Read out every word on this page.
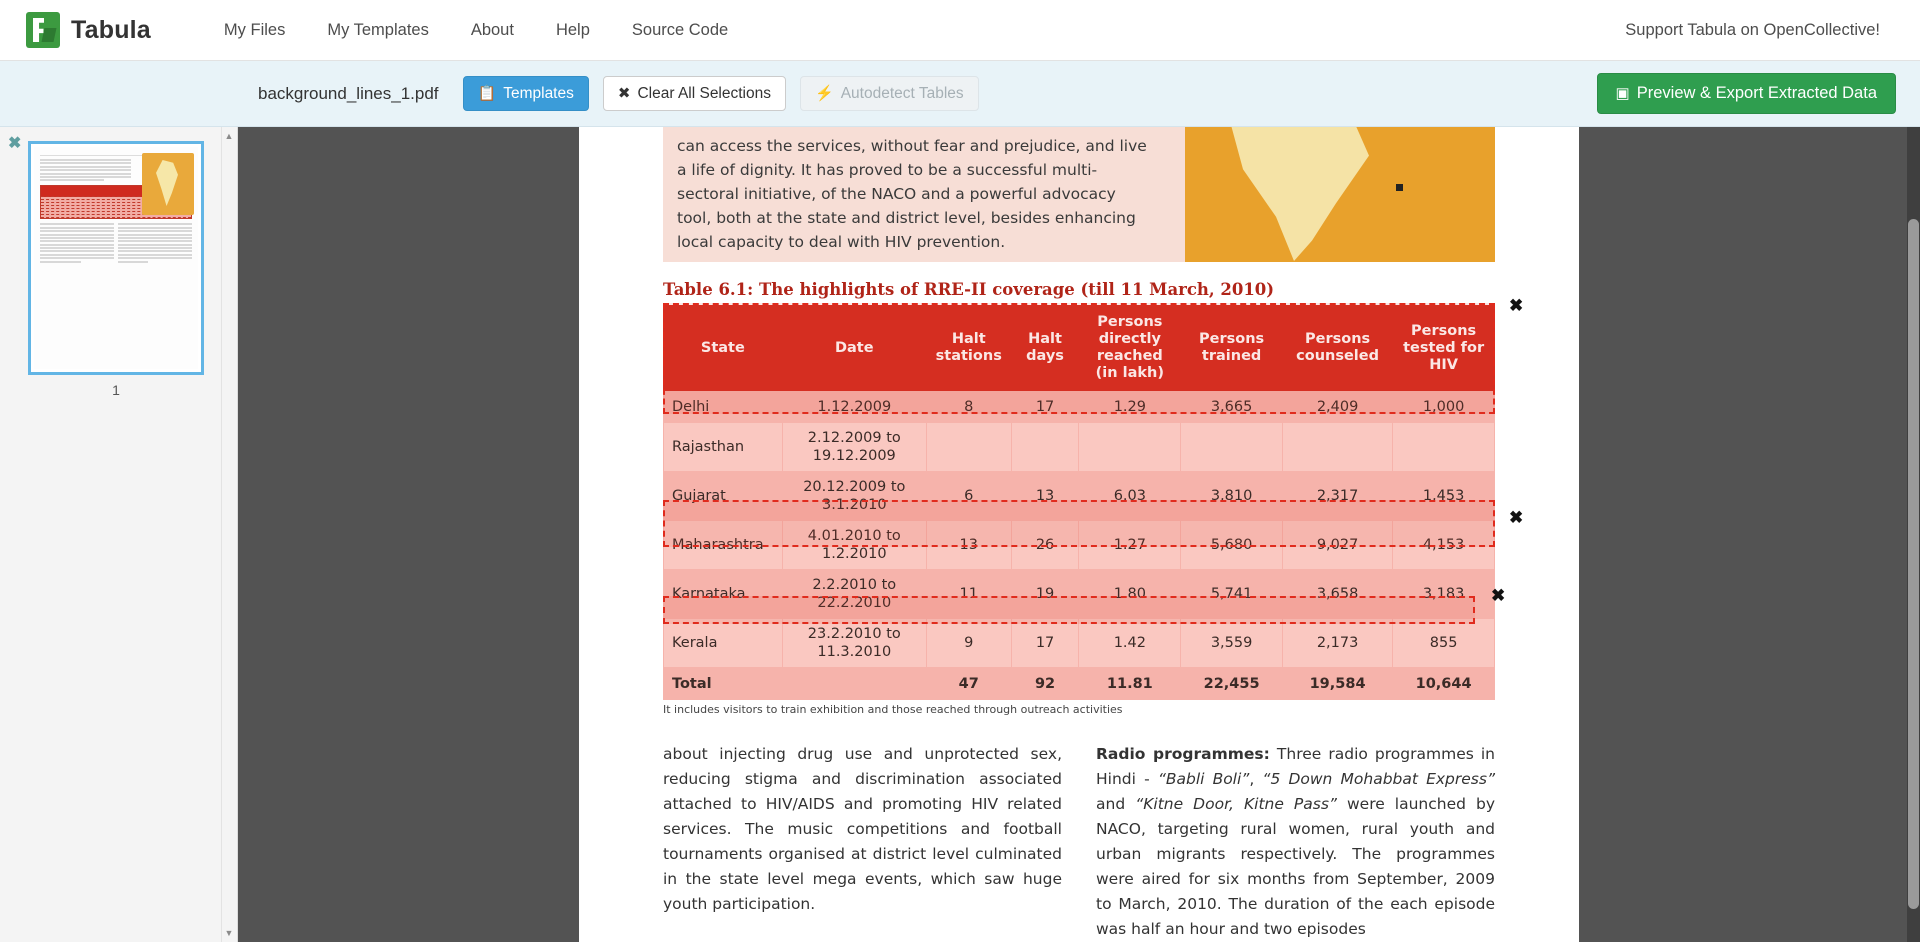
Tabula	My Files	My Templates	About	Help	Source Code	Support Tabula on OpenCollective!
background_lines_1.pdf	📋 Templates	✖ Clear All Selections	⚡ Autodetect Tables	▣ Preview & Export Extracted Data
✖
1
▲
▼
can access the services, without fear and prejudice, and live a life of dignity. It has proved to be a successful multi-sectoral initiative, of the NACO and a powerful advocacy tool, both at the state and district level, besides enhancing local capacity to deal with HIV prevention.
Table 6.1: The highlights of RRE-II coverage (till 11 March, 2010)
State	Date	Halt stations	Halt days	Persons directly reached (in lakh)	Persons trained	Persons counseled	Persons tested for HIV
Delhi	1.12.2009	8	17	1.29	3,665	2,409	1,000
Rajasthan	2.12.2009 to 19.12.2009						
Gujarat	20.12.2009 to 3.1.2010	6	13	6.03	3,810	2,317	1,453
Maharashtra	4.01.2010 to 1.2.2010	13	26	1.27	5,680	9,027	4,153
Karnataka	2.2.2010 to 22.2.2010	11	19	1.80	5,741	3,658	3,183
Kerala	23.2.2010 to 11.3.2010	9	17	1.42	3,559	2,173	855
Total		47	92	11.81	22,455	19,584	10,644
It includes visitors to train exhibition and those reached through outreach activities
✖
✖
✖

about injecting drug use and unprotected sex, reducing stigma and discrimination associated attached to HIV/AIDS and promoting HIV related services. The music competitions and football tournaments organised at district level culminated in the state level mega events, which saw huge youth participation.

Radio programmes: Three radio programmes in Hindi - “Babli Boli”, “5 Down Mohabbat Express” and “Kitne Door, Kitne Pass” were launched by NACO, targeting rural women, rural youth and urban migrants respectively. The programmes were aired for six months from September, 2009 to March, 2010. The duration of the each episode was half an hour and two episodes
